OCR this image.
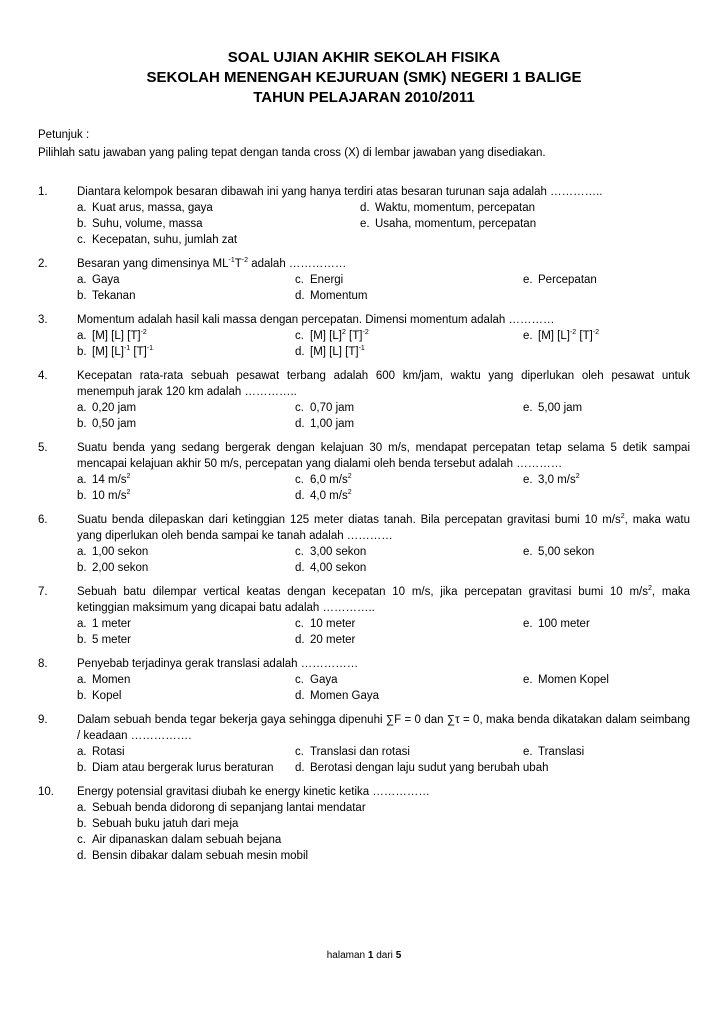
SOAL UJIAN AKHIR SEKOLAH FISIKA
SEKOLAH MENENGAH KEJURUAN (SMK) NEGERI 1 BALIGE
TAHUN PELAJARAN 2010/2011
Petunjuk :
Pilihlah satu jawaban yang paling tepat dengan tanda cross (X) di lembar jawaban yang disediakan.
1.	Diantara kelompok besaran dibawah ini yang hanya terdiri atas besaran turunan saja adalah …………..
a. Kuat arus, massa, gaya	d. Waktu, momentum, percepatan
b. Suhu, volume, massa	e. Usaha, momentum, percepatan
c. Kecepatan, suhu, jumlah zat
2.	Besaran yang dimensinya $ML^{-1}T^{-2}$ adalah ……………
a. Gaya	c. Energi	e. Percepatan
b. Tekanan	d. Momentum
3.	Momentum adalah hasil kali massa dengan percepatan. Dimensi momentum adalah …………
a. [M] [L] $[T]^{-2}$	c. [M] $[L]^2$ $[T]^{-2}$	e. [M] $[L]^{-2}$ $[T]^{-2}$
b. [M] $[L]^{-1}$ $[T]^{-1}$	d. [M] [L] $[T]^{-1}$
4.	Kecepatan rata-rata sebuah pesawat terbang adalah 600 km/jam, waktu yang diperlukan oleh pesawat untuk menempuh jarak 120 km adalah …………..
a. 0,20 jam	c. 0,70 jam	e. 5,00 jam
b. 0,50 jam	d. 1,00 jam
5.	Suatu benda yang sedang bergerak dengan kelajuan 30 m/s, mendapat percepatan tetap selama 5 detik sampai mencapai kelajuan akhir 50 m/s, percepatan yang dialami oleh benda tersebut adalah …………
a. 14 $m/s^2$	c. 6,0 $m/s^2$	e. 3,0 $m/s^2$
b. 10 $m/s^2$	d. 4,0 $m/s^2$
6.	Suatu benda dilepaskan dari ketinggian 125 meter diatas tanah. Bila percepatan gravitasi bumi 10 $m/s^2$, maka watu yang diperlukan oleh benda sampai ke tanah adalah …………
a. 1,00 sekon	c. 3,00 sekon	e. 5,00 sekon
b. 2,00 sekon	d. 4,00 sekon
7.	Sebuah batu dilempar vertical keatas dengan kecepatan 10 m/s, jika percepatan gravitasi bumi 10 $m/s^2$, maka ketinggian maksimum yang dicapai batu adalah …………..
a. 1 meter	c. 10 meter	e. 100 meter
b. 5 meter	d. 20 meter
8.	Penyebab terjadinya gerak translasi adalah ……………
a. Momen	c. Gaya	e. Momen Kopel
b. Kopel	d. Momen Gaya
9.	Dalam sebuah benda tegar bekerja gaya sehingga dipenuhi ∑F = 0 dan ∑τ = 0, maka benda dikatakan dalam seimbang / keadaan …………….
a. Rotasi	c. Translasi dan rotasi	e. Translasi
b. Diam atau bergerak lurus beraturan d. Berotasi dengan laju sudut yang berubah ubah
10.	Energy potensial gravitasi diubah ke energy kinetic ketika ……………
a. Sebuah benda didorong di sepanjang lantai mendatar
b. Sebuah buku jatuh dari meja
c. Air dipanaskan dalam sebuah bejana
d. Bensin dibakar dalam sebuah mesin mobil
halaman 1 dari 5
